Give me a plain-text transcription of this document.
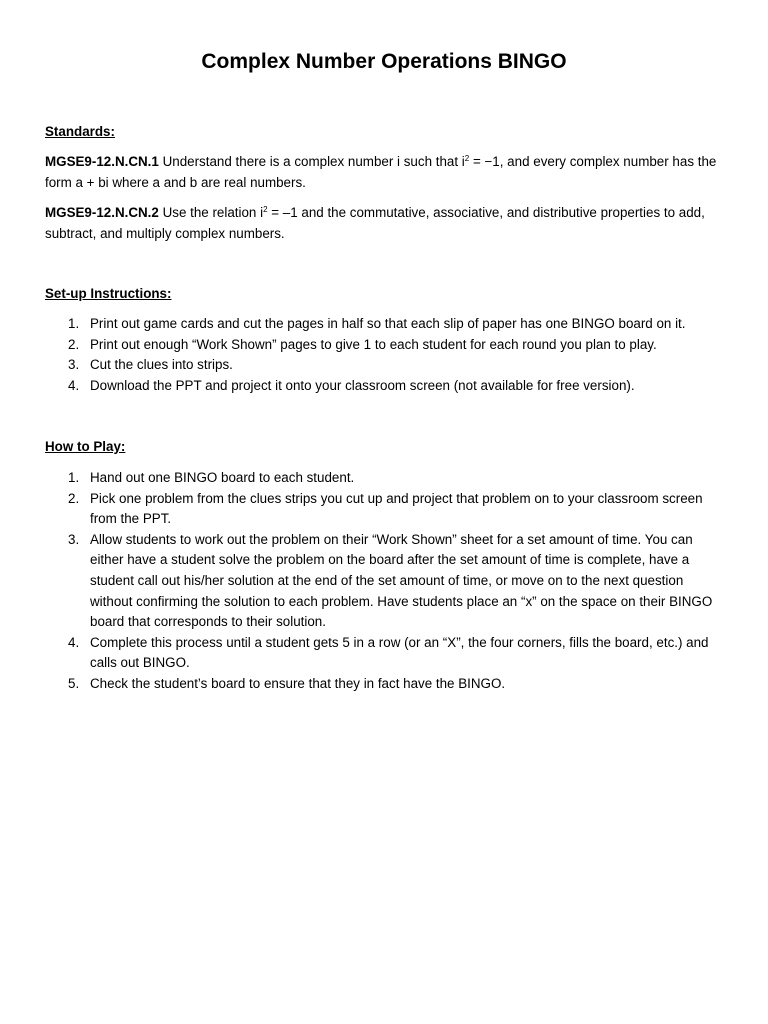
Complex Number Operations BINGO
Standards:
MGSE9-12.N.CN.1 Understand there is a complex number i such that $i^2 = -1$, and every complex number has the form a + bi where a and b are real numbers.
MGSE9-12.N.CN.2 Use the relation $i^2 = -1$ and the commutative, associative, and distributive properties to add, subtract, and multiply complex numbers.
Set-up Instructions:
1. Print out game cards and cut the pages in half so that each slip of paper has one BINGO board on it.
2. Print out enough “Work Shown” pages to give 1 to each student for each round you plan to play.
3. Cut the clues into strips.
4. Download the PPT and project it onto your classroom screen (not available for free version).
How to Play:
1. Hand out one BINGO board to each student.
2. Pick one problem from the clues strips you cut up and project that problem on to your classroom screen from the PPT.
3. Allow students to work out the problem on their “Work Shown” sheet for a set amount of time. You can either have a student solve the problem on the board after the set amount of time is complete, have a student call out his/her solution at the end of the set amount of time, or move on to the next question without confirming the solution to each problem. Have students place an “x” on the space on their BINGO board that corresponds to their solution.
4. Complete this process until a student gets 5 in a row (or an “X”, the four corners, fills the board, etc.) and calls out BINGO.
5. Check the student’s board to ensure that they in fact have the BINGO.
